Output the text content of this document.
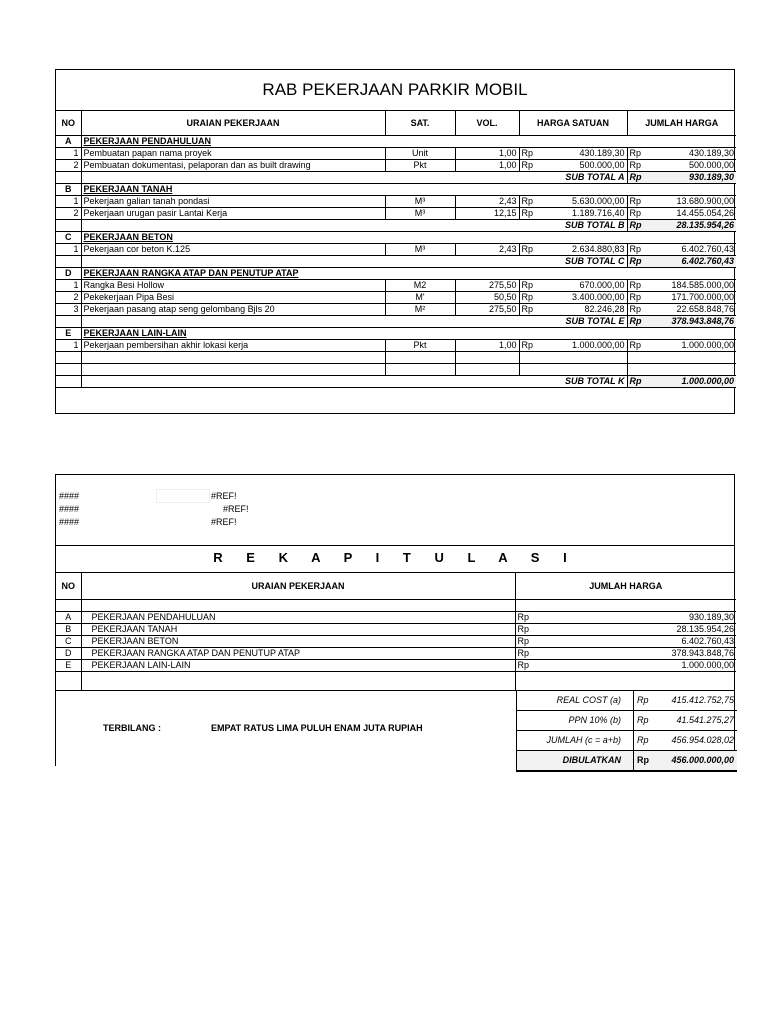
RAB PEKERJAAN PARKIR MOBIL
NO	URAIAN PEKERJAAN	SAT.	VOL.	HARGA SATUAN		JUMLAH HARGA	
A	PEKERJAAN PENDAHULUAN						
1	Pembuatan papan nama proyek	Unit	1,00	Rp	430.189,30	Rp	430.189,30
2	Pembuatan dokumentasi, pelaporan dan as built drawing	Pkt	1,00	Rp	500.000,00	Rp	500.000,00
	SUB TOTAL A					Rp	930.189,30
B	PEKERJAAN TANAH						
1	Pekerjaan galian tanah pondasi	M³	2,43	Rp	5.630.000,00	Rp	13.680.900,00
2	Pekerjaan urugan pasir Lantai Kerja	M³	12,15	Rp	1.189.716,40	Rp	14.455.054,26
	SUB TOTAL B					Rp	28.135.954,26
C	PEKERJAAN BETON						
1	Pekerjaan cor beton K.125	M³	2,43	Rp	2.634.880,83	Rp	6.402.760,43
	SUB TOTAL C					Rp	6.402.760,43
D	PEKERJAAN RANGKA ATAP DAN PENUTUP ATAP						
1	Rangka Besi Hollow	M2	275,50	Rp	670.000,00	Rp	184.585.000,00
2	Pekekerjaan Pipa Besi	M'	50,50	Rp	3.400.000,00	Rp	171.700.000,00
3	Pekerjaan pasang atap seng gelombang Bjls 20	M²	275,50	Rp	82.246,28	Rp	22.658.848,76
	SUB TOTAL E					Rp	378.943.848,76
E	PEKERJAAN LAIN-LAIN						
1	Pekerjaan pembersihan akhir lokasi kerja	Pkt	1,00	Rp	1.000.000,00	Rp	1.000.000,00

	SUB TOTAL K					Rp	1.000.000,00
####	#REF!
####	#REF!
####	#REF!
R E K A P I T U L A S I
NO	URAIAN PEKERJAAN	JUMLAH HARGA	

A	PEKERJAAN PENDAHULUAN	Rp	930.189,30
B	PEKERJAAN TANAH	Rp	28.135.954,26
C	PEKERJAAN BETON	Rp	6.402.760,43
D	PEKERJAAN RANGKA ATAP DAN PENUTUP ATAP	Rp	378.943.848,76
E	PEKERJAAN LAIN-LAIN	Rp	1.000.000,00

TERBILANG :	EMPAT RATUS LIMA PULUH ENAM JUTA RUPIAH
REAL COST (a)	Rp	415.412.752,75
PPN 10% (b)	Rp	41.541.275,27
JUMLAH (c = a+b)	Rp	456.954.028,02
DIBULATKAN	Rp 456.000.000,00
